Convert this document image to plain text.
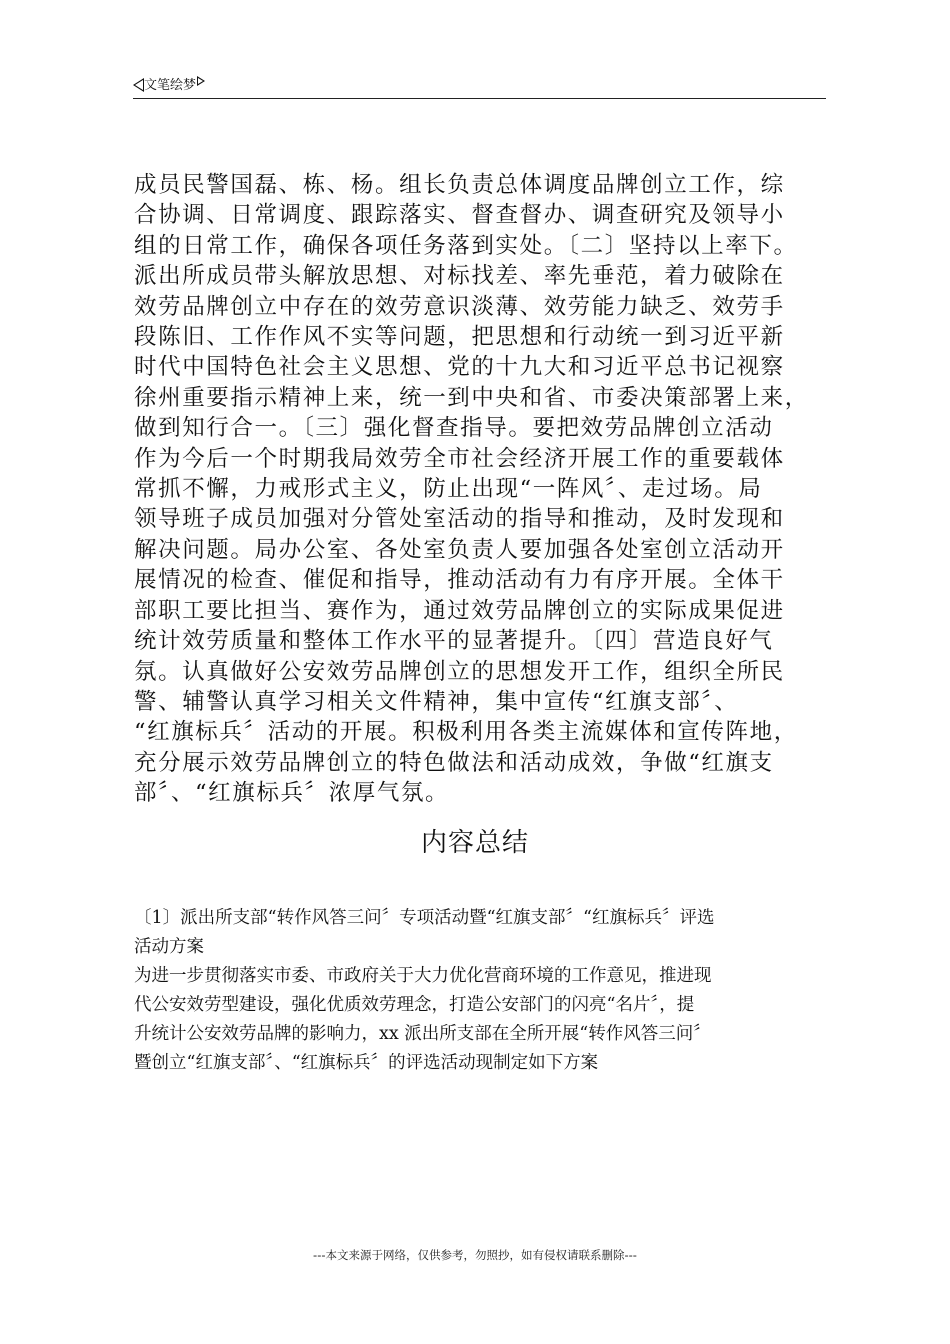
文笔绘梦
成员民警国磊、栋、杨。组长负责总体调度品牌创立工作，综
合协调、日常调度、跟踪落实、督查督办、调查研究及领导小
组的日常工作，确保各项任务落到实处。〔二〕坚持以上率下。
派出所成员带头解放思想、对标找差、率先垂范，着力破除在
效劳品牌创立中存在的效劳意识淡薄、效劳能力缺乏、效劳手
段陈旧、工作作风不实等问题，把思想和行动统一到习近平新
时代中国特色社会主义思想、党的十九大和习近平总书记视察
徐州重要指示精神上来，统一到中央和省、市委决策部署上来，
做到知行合一。〔三〕强化督查指导。要把效劳品牌创立活动
作为今后一个时期我局效劳全市社会经济开展工作的重要载体
常抓不懈，力戒形式主义，防止出现“一阵风〞、走过场。局
领导班子成员加强对分管处室活动的指导和推动，及时发现和
解决问题。局办公室、各处室负责人要加强各处室创立活动开
展情况的检查、催促和指导，推动活动有力有序开展。全体干
部职工要比担当、赛作为，通过效劳品牌创立的实际成果促进
统计效劳质量和整体工作水平的显著提升。〔四〕营造良好气
氛。认真做好公安效劳品牌创立的思想发开工作，组织全所民
警、辅警认真学习相关文件精神，集中宣传“红旗支部〞、
“红旗标兵〞活动的开展。积极利用各类主流媒体和宣传阵地，
充分展示效劳品牌创立的特色做法和活动成效，争做“红旗支
部〞、“红旗标兵〞浓厚气氛。
内容总结
〔1〕派出所支部“转作风答三问〞专项活动暨“红旗支部〞“红旗标兵〞评选
活动方案
为进一步贯彻落实市委、市政府关于大力优化营商环境的工作意见，推进现
代公安效劳型建设，强化优质效劳理念，打造公安部门的闪亮“名片〞，提
升统计公安效劳品牌的影响力，xx 派出所支部在全所开展“转作风答三问〞
暨创立“红旗支部〞、“红旗标兵〞的评选活动现制定如下方案
---本文来源于网络，仅供参考，勿照抄，如有侵权请联系删除---
